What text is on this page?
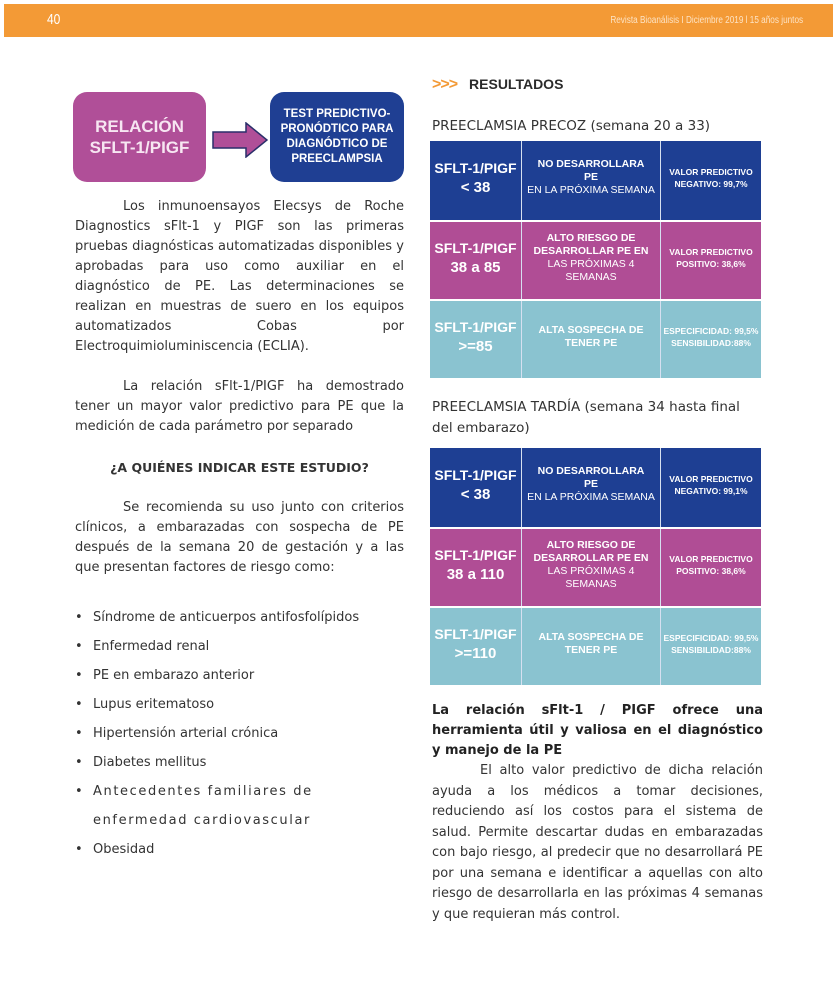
40	Revista Bioanálisis I Diciembre 2019 l 15 años juntos
RELACIÓN
SFLT-1/PIGF
TEST PREDICTIVO-
PRONÓDTICO PARA
DIAGNÓDTICO DE
PREECLAMPSIA

Los inmunoensayos Elecsys de Roche Diagnostics sFlt-1 y PIGF son las primeras pruebas diagnósticas automatizadas disponibles y aprobadas para uso como auxiliar en el diagnóstico de PE. Las determinaciones se realizan en muestras de suero en los equipos automatizados Cobas por Electroquimioluminiscencia (ECLIA).

La relación sFlt-1/PIGF ha demostrado tener un mayor valor predictivo para PE que la medición de cada parámetro por separado

¿A QUIÉNES INDICAR ESTE ESTUDIO?

Se recomienda su uso junto con criterios clínicos, a embarazadas con sospecha de PE después de la semana 20 de gestación y a las que presentan factores de riesgo como:

• Síndrome de anticuerpos antifosfolípidos
• Enfermedad renal
• PE en embarazo anterior
• Lupus eritematoso
• Hipertensión arterial crónica
• Diabetes mellitus
• Antecedentes familiares de enfermedad cardiovascular
• Obesidad
>>> RESULTADOS
PREECLAMSIA PRECOZ (semana 20 a 33)
SFLT-1/PIGF
< 38
NO DESARROLLARA PE
EN LA PRÓXIMA SEMANA
VALOR PREDICTIVO
NEGATIVO: 99,7%
SFLT-1/PIGF
38 a 85
ALTO RIESGO DE DESARROLLAR PE EN
LAS PRÓXIMAS 4 SEMANAS
VALOR PREDICTIVO
POSITIVO: 38,6%
SFLT-1/PIGF
>=85
ALTA SOSPECHA DE TENER PE
ESPECIFICIDAD: 99,5%
SENSIBILIDAD:88%
PREECLAMSIA TARDÍA (semana 34 hasta final del embarazo)
SFLT-1/PIGF
< 38
NO DESARROLLARA PE
EN LA PRÓXIMA SEMANA
VALOR PREDICTIVO
NEGATIVO: 99,1%
SFLT-1/PIGF
38 a 110
ALTO RIESGO DE DESARROLLAR PE EN
LAS PRÓXIMAS 4 SEMANAS
VALOR PREDICTIVO
POSITIVO: 38,6%
SFLT-1/PIGF
>=110
ALTA SOSPECHA DE TENER PE
ESPECIFICIDAD: 99,5%
SENSIBILIDAD:88%

La relación sFlt-1 / PIGF ofrece una herramienta útil y valiosa en el diagnóstico y manejo de la PE

El alto valor predictivo de dicha relación ayuda a los médicos a tomar decisiones, reduciendo así los costos para el sistema de salud. Permite descartar dudas en embarazadas con bajo riesgo, al predecir que no desarrollará PE por una semana e identificar a aquellas con alto riesgo de desarrollarla en las próximas 4 semanas y que requieran más control.
